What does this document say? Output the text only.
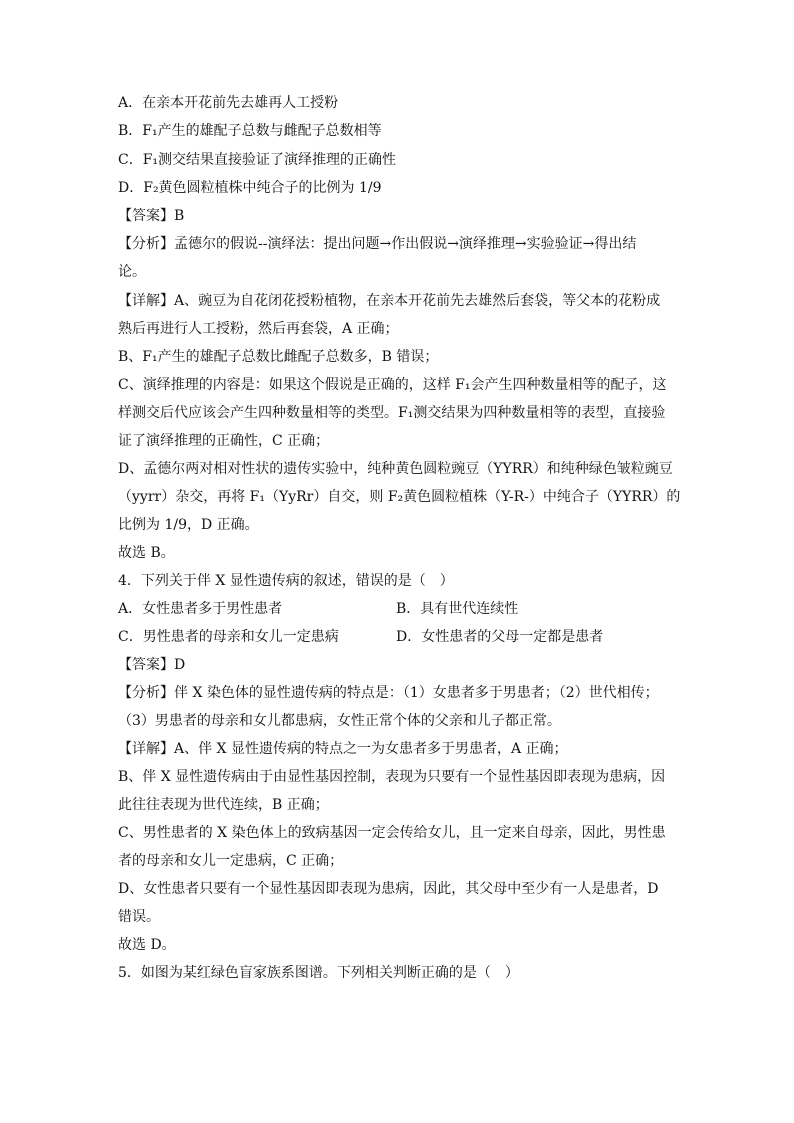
A．在亲本开花前先去雄再人工授粉
B．F₁产生的雄配子总数与雌配子总数相等
C．F₁测交结果直接验证了演绎推理的正确性
D．F₂黄色圆粒植株中纯合子的比例为 1/9
【答案】B
【分析】孟德尔的假说--演绎法：提出问题→作出假说→演绎推理→实验验证→得出结
论。
【详解】A、豌豆为自花闭花授粉植物，在亲本开花前先去雄然后套袋，等父本的花粉成
熟后再进行人工授粉，然后再套袋，A 正确；
B、F₁产生的雄配子总数比雌配子总数多，B 错误；
C、演绎推理的内容是：如果这个假说是正确的，这样 F₁会产生四种数量相等的配子，这
样测交后代应该会产生四种数量相等的类型。F₁测交结果为四种数量相等的表型，直接验
证了演绎推理的正确性，C 正确；
D、孟德尔两对相对性状的遗传实验中，纯种黄色圆粒豌豆（YYRR）和纯种绿色皱粒豌豆
（yyrr）杂交，再将 F₁（YyRr）自交，则 F₂黄色圆粒植株（Y-R-）中纯合子（YYRR）的
比例为 1/9，D 正确。
故选 B。
4．下列关于伴 X 显性遗传病的叙述，错误的是（　）
A．女性患者多于男性患者	B．具有世代连续性
C．男性患者的母亲和女儿一定患病	D．女性患者的父母一定都是患者
【答案】D
【分析】伴 X 染色体的显性遗传病的特点是：（1）女患者多于男患者；（2）世代相传；
（3）男患者的母亲和女儿都患病，女性正常个体的父亲和儿子都正常。
【详解】A、伴 X 显性遗传病的特点之一为女患者多于男患者，A 正确；
B、伴 X 显性遗传病由于由显性基因控制，表现为只要有一个显性基因即表现为患病，因
此往往表现为世代连续，B 正确；
C、男性患者的 X 染色体上的致病基因一定会传给女儿，且一定来自母亲，因此，男性患
者的母亲和女儿一定患病，C 正确；
D、女性患者只要有一个显性基因即表现为患病，因此，其父母中至少有一人是患者，D
错误。
故选 D。
5．如图为某红绿色盲家族系图谱。下列相关判断正确的是（　）
